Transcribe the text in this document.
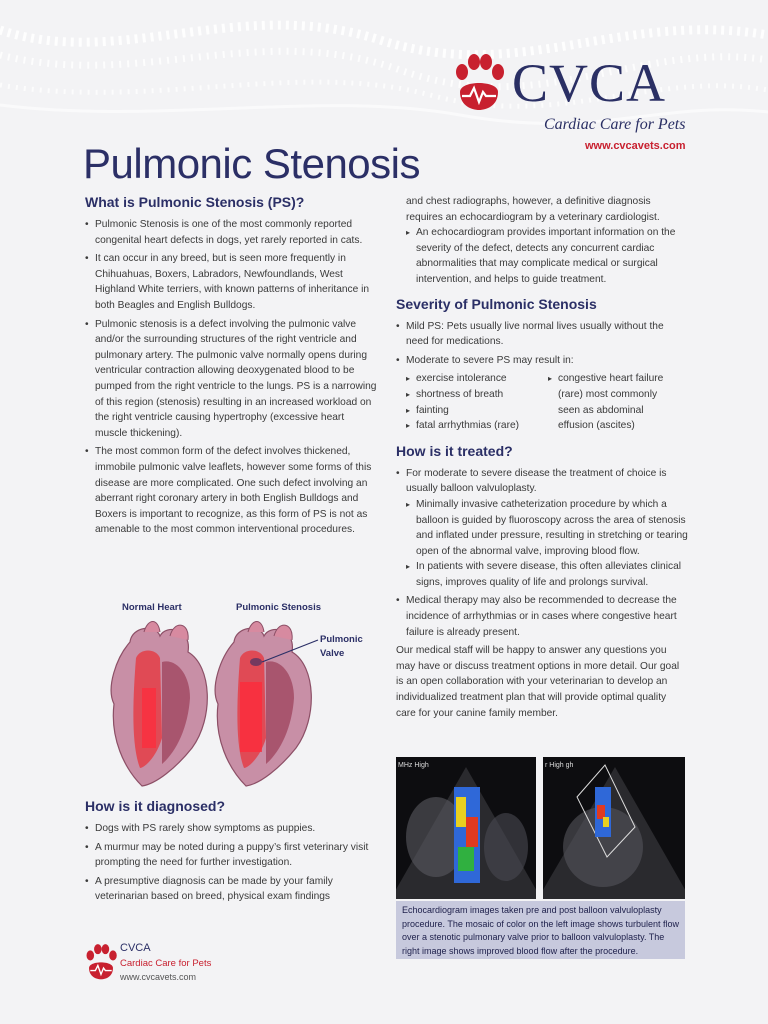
CVCA
Cardiac Care for Pets
www.cvcavets.com
Pulmonic Stenosis
What is Pulmonic Stenosis (PS)?
• Pulmonic Stenosis is one of the most commonly reported congenital heart defects in dogs, yet rarely reported in cats.
• It can occur in any breed, but is seen more frequently in Chihuahuas, Boxers, Labradors, Newfoundlands, West Highland White terriers, with known patterns of inheritance in both Beagles and English Bulldogs.
• Pulmonic stenosis is a defect involving the pulmonic valve and/or the surrounding structures of the right ventricle and pulmonary artery. The pulmonic valve normally opens during ventricular contraction allowing deoxygenated blood to be pumped from the right ventricle to the lungs. PS is a narrowing of this region (stenosis) resulting in an increased workload on the right ventricle causing hypertrophy (excessive heart muscle thickening).
• The most common form of the defect involves thickened, immobile pulmonic valve leaflets, however some forms of this disease are more complicated. One such defect involving an aberrant right coronary artery in both English Bulldogs and Boxers is important to recognize, as this form of PS is not as amenable to the most common interventional procedures.
Normal Heart	Pulmonic Stenosis
Pulmonic
Valve
How is it diagnosed?
• Dogs with PS rarely show symptoms as puppies.
• A murmur may be noted during a puppy’s first veterinary visit prompting the need for further investigation.
• A presumptive diagnosis can be made by your family veterinarian based on breed, physical exam findings

and chest radiographs, however, a definitive diagnosis requires an echocardiogram by a veterinary cardiologist.

▸ An echocardiogram provides important information on the severity of the defect, detects any concurrent cardiac abnormalities that may complicate medical or surgical intervention, and helps to guide treatment.
Severity of Pulmonic Stenosis
• Mild PS: Pets usually live normal lives usually without the need for medications.
• Moderate to severe PS may result in:
▸ exercise intolerance
▸ shortness of breath
▸ fainting
▸ fatal arrhythmias (rare)
▸ congestive heart failure (rare) most commonly seen as abdominal effusion (ascites)
How is it treated?
• For moderate to severe disease the treatment of choice is usually balloon valvuloplasty.
▸ Minimally invasive catheterization procedure by which a balloon is guided by fluoroscopy across the area of stenosis and inflated under pressure, resulting in stretching or tearing open of the abnormal valve, improving blood flow.
▸ In patients with severe disease, this often alleviates clinical signs, improves quality of life and prolongs survival.
• Medical therapy may also be recommended to decrease the incidence of arrhythmias or in cases where congestive heart failure is already present.

Our medical staff will be happy to answer any questions you may have or discuss treatment options in more detail. Our goal is an open collaboration with your veterinarian to develop an individualized treatment plan that will provide optimal quality care for your canine family member.

MHz High	r High gh
Echocardiogram images taken pre and post balloon valvuloplasty procedure. The mosaic of color on the left image shows turbulent flow over a stenotic pulmonary valve prior to balloon valvuloplasty. The right image shows improved blood flow after the procedure.
CVCA
Cardiac Care for Pets
www.cvcavets.com
